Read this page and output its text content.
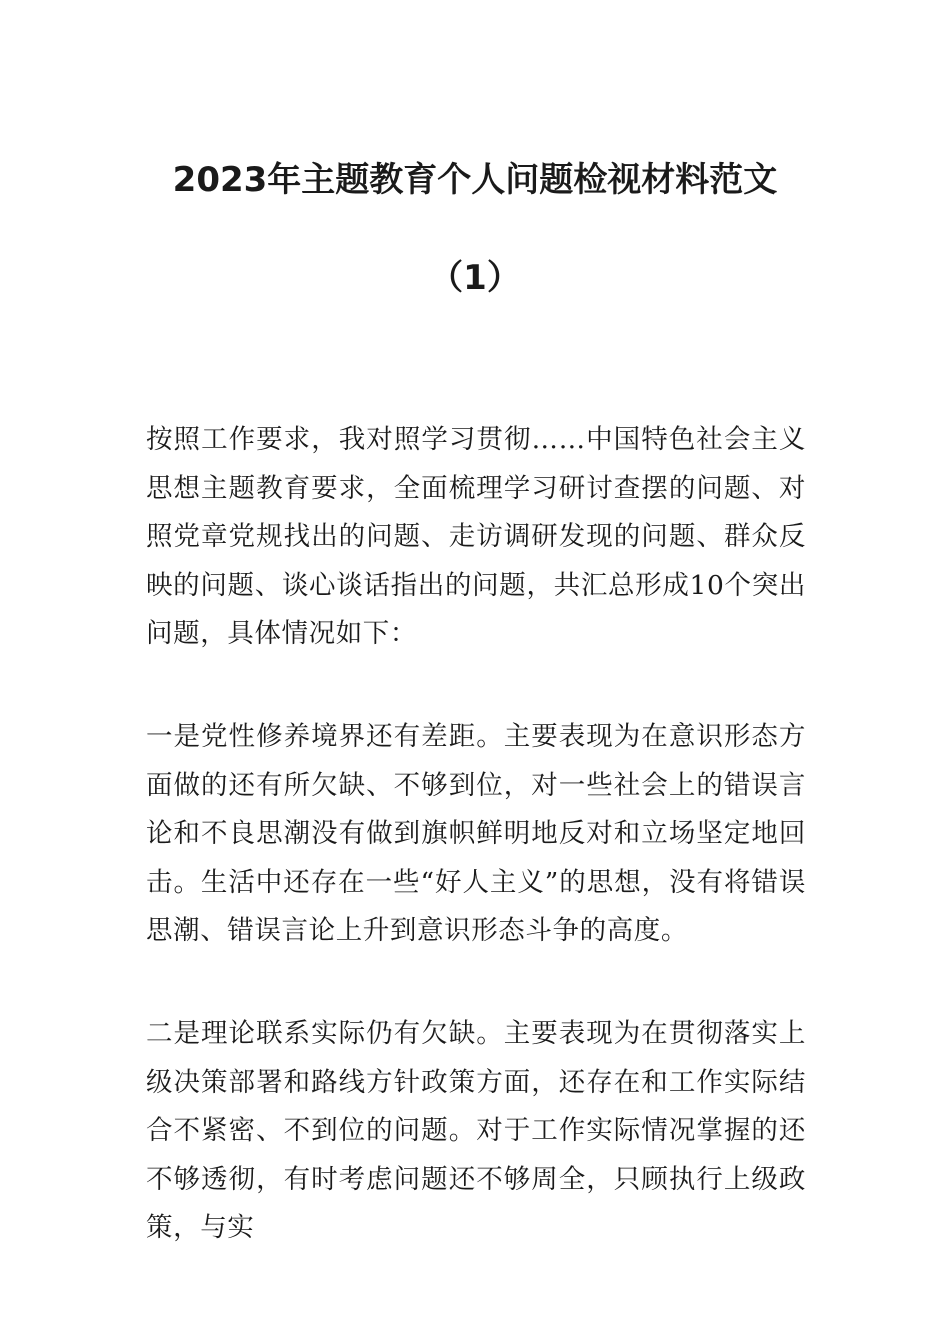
2023年主题教育个人问题检视材料范文
（1）

按照工作要求，我对照学习贯彻……中国特色社会主义思想主题教育要求，全面梳理学习研讨查摆的问题、对照党章党规找出的问题、走访调研发现的问题、群众反映的问题、谈心谈话指出的问题，共汇总形成10个突出问题，具体情况如下：

一是党性修养境界还有差距。主要表现为在意识形态方面做的还有所欠缺、不够到位，对一些社会上的错误言论和不良思潮没有做到旗帜鲜明地反对和立场坚定地回击。生活中还存在一些“好人主义”的思想，没有将错误思潮、错误言论上升到意识形态斗争的高度。

二是理论联系实际仍有欠缺。主要表现为在贯彻落实上级决策部署和路线方针政策方面，还存在和工作实际结合不紧密、不到位的问题。对于工作实际情况掌握的还不够透彻，有时考虑问题还不够周全，只顾执行上级政策，与实
